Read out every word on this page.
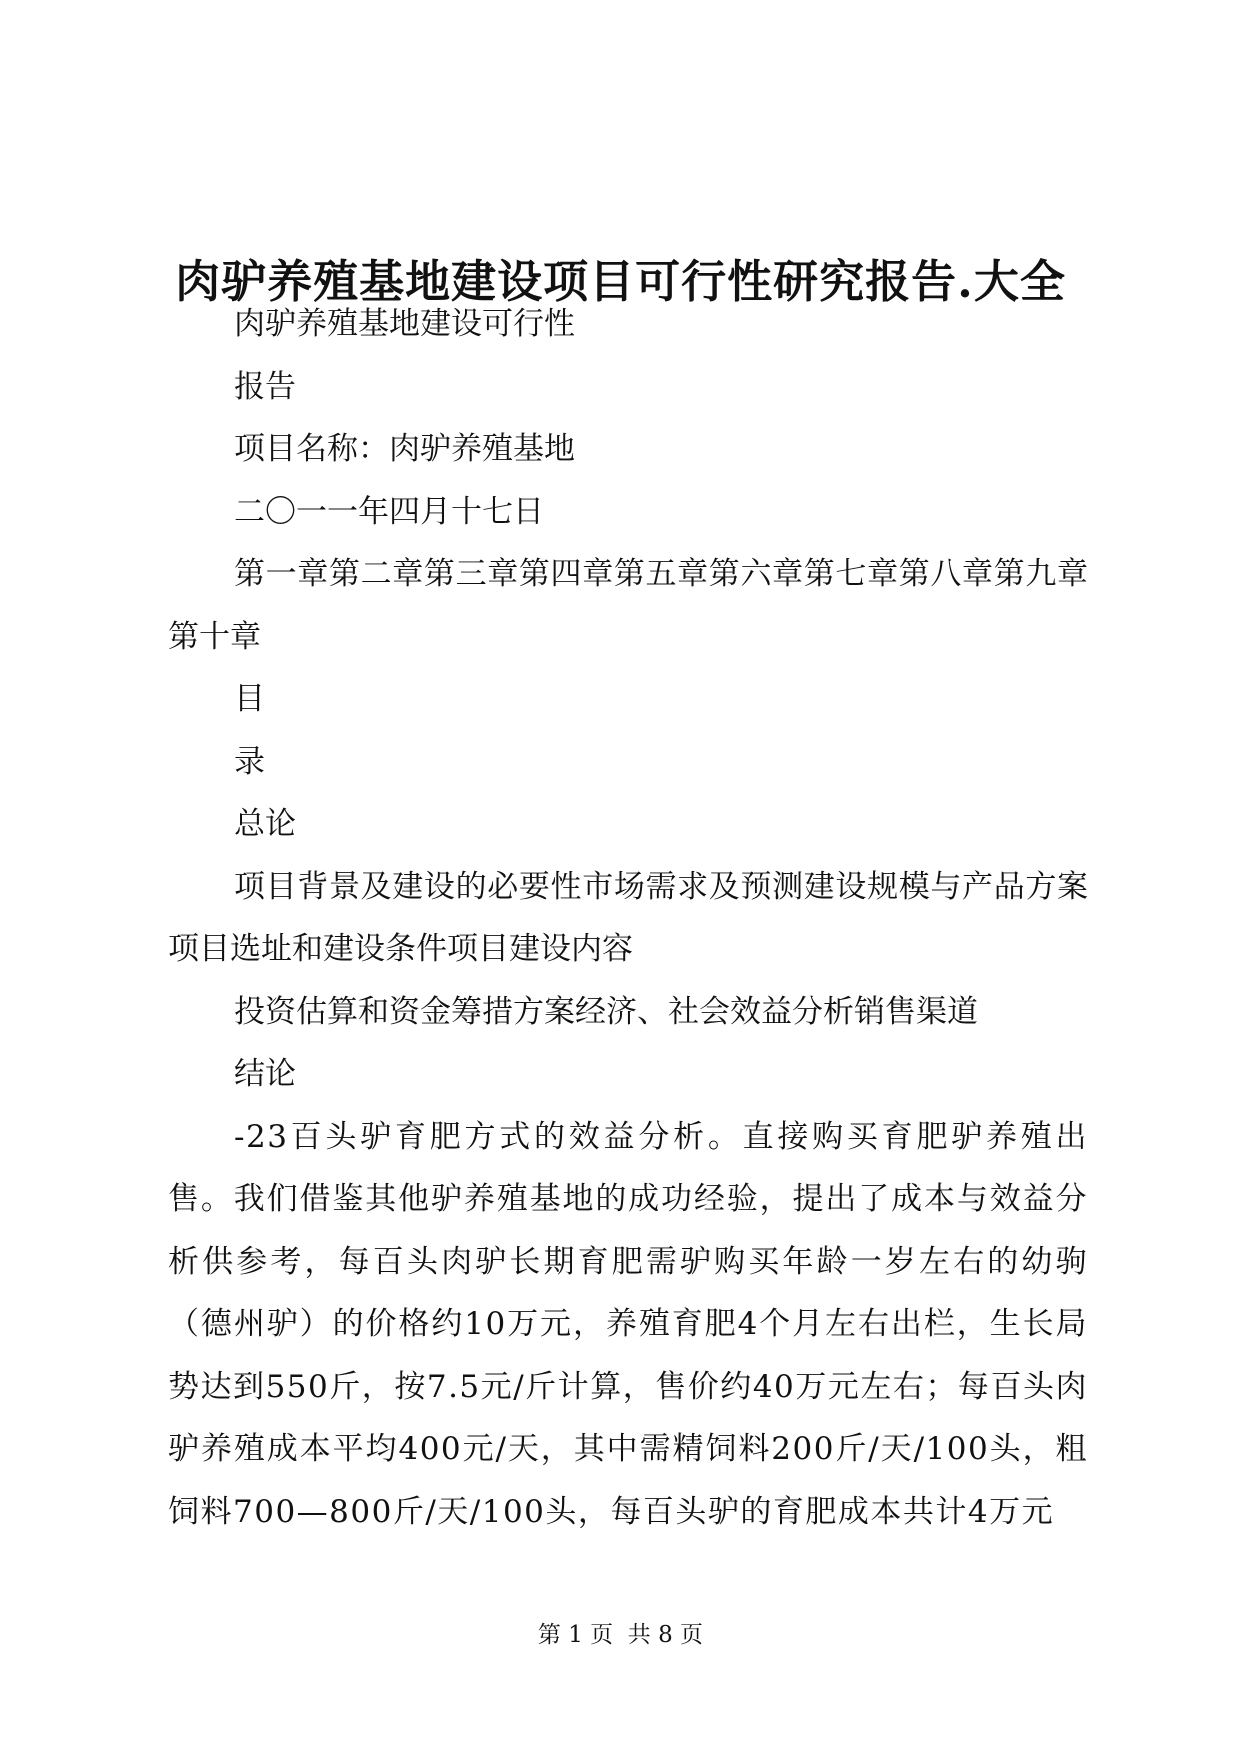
肉驴养殖基地建设项目可行性研究报告.大全

肉驴养殖基地建设可行性

报告

项目名称：肉驴养殖基地

二〇一一年四月十七日

第一章第二章第三章第四章第五章第六章第七章第八章第九章第十章

目

录

总论

项目背景及建设的必要性市场需求及预测建设规模与产品方案项目选址和建设条件项目建设内容

投资估算和资金筹措方案经济、社会效益分析销售渠道

结论

-23百头驴育肥方式的效益分析。直接购买育肥驴养殖出售。我们借鉴其他驴养殖基地的成功经验，提出了成本与效益分析供参考，每百头肉驴长期育肥需驴购买年龄一岁左右的幼驹（德州驴）的价格约10万元，养殖育肥4个月左右出栏，生长局势达到550斤，按7.5元/斤计算，售价约40万元左右；每百头肉驴养殖成本平均400元/天，其中需精饲料200斤/天/100头，粗饲料700—800斤/天/100头，每百头驴的育肥成本共计4万元

第 1 页  共 8 页
